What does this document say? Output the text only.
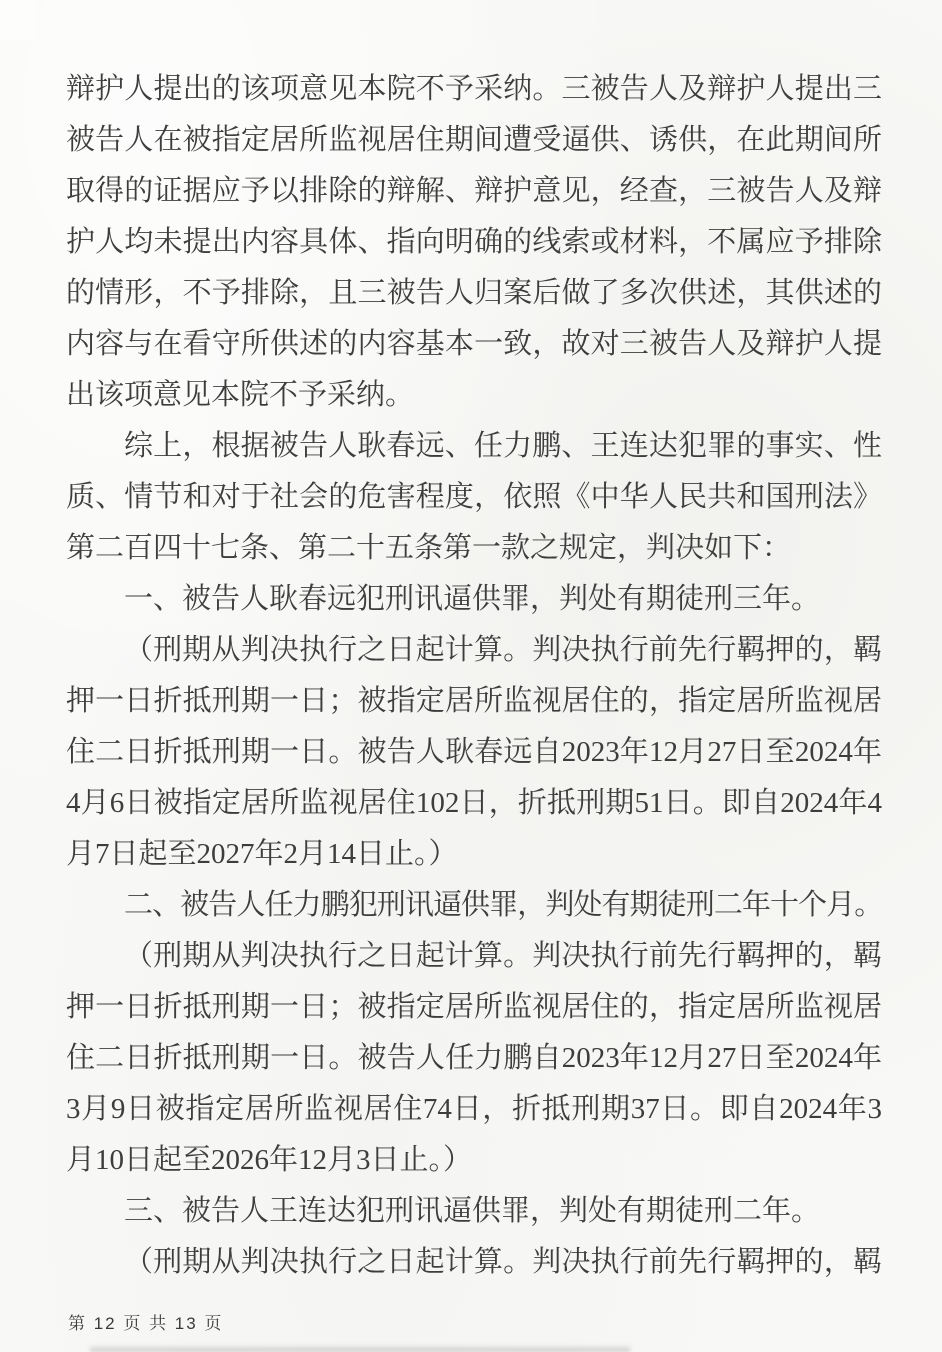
辩护人提出的该项意见本院不予采纳。三被告人及辩护人提出三
被告人在被指定居所监视居住期间遭受逼供、诱供，在此期间所
取得的证据应予以排除的辩解、辩护意见，经查，三被告人及辩
护人均未提出内容具体、指向明确的线索或材料，不属应予排除
的情形，不予排除，且三被告人归案后做了多次供述，其供述的
内容与在看守所供述的内容基本一致，故对三被告人及辩护人提
出该项意见本院不予采纳。
综上，根据被告人耿春远、任力鹏、王连达犯罪的事实、性
质、情节和对于社会的危害程度，依照《中华人民共和国刑法》
第二百四十七条、第二十五条第一款之规定，判决如下：
一、被告人耿春远犯刑讯逼供罪，判处有期徒刑三年。
（刑期从判决执行之日起计算。判决执行前先行羁押的，羁
押一日折抵刑期一日；被指定居所监视居住的，指定居所监视居
住二日折抵刑期一日。被告人耿春远自2023年12月27日至2024年
4月6日被指定居所监视居住102日，折抵刑期51日。即自2024年4
月7日起至2027年2月14日止。）
二、被告人任力鹏犯刑讯逼供罪，判处有期徒刑二年十个月。
（刑期从判决执行之日起计算。判决执行前先行羁押的，羁
押一日折抵刑期一日；被指定居所监视居住的，指定居所监视居
住二日折抵刑期一日。被告人任力鹏自2023年12月27日至2024年
3月9日被指定居所监视居住74日，折抵刑期37日。即自2024年3
月10日起至2026年12月3日止。）
三、被告人王连达犯刑讯逼供罪，判处有期徒刑二年。
（刑期从判决执行之日起计算。判决执行前先行羁押的，羁
第 12 页 共 13 页
